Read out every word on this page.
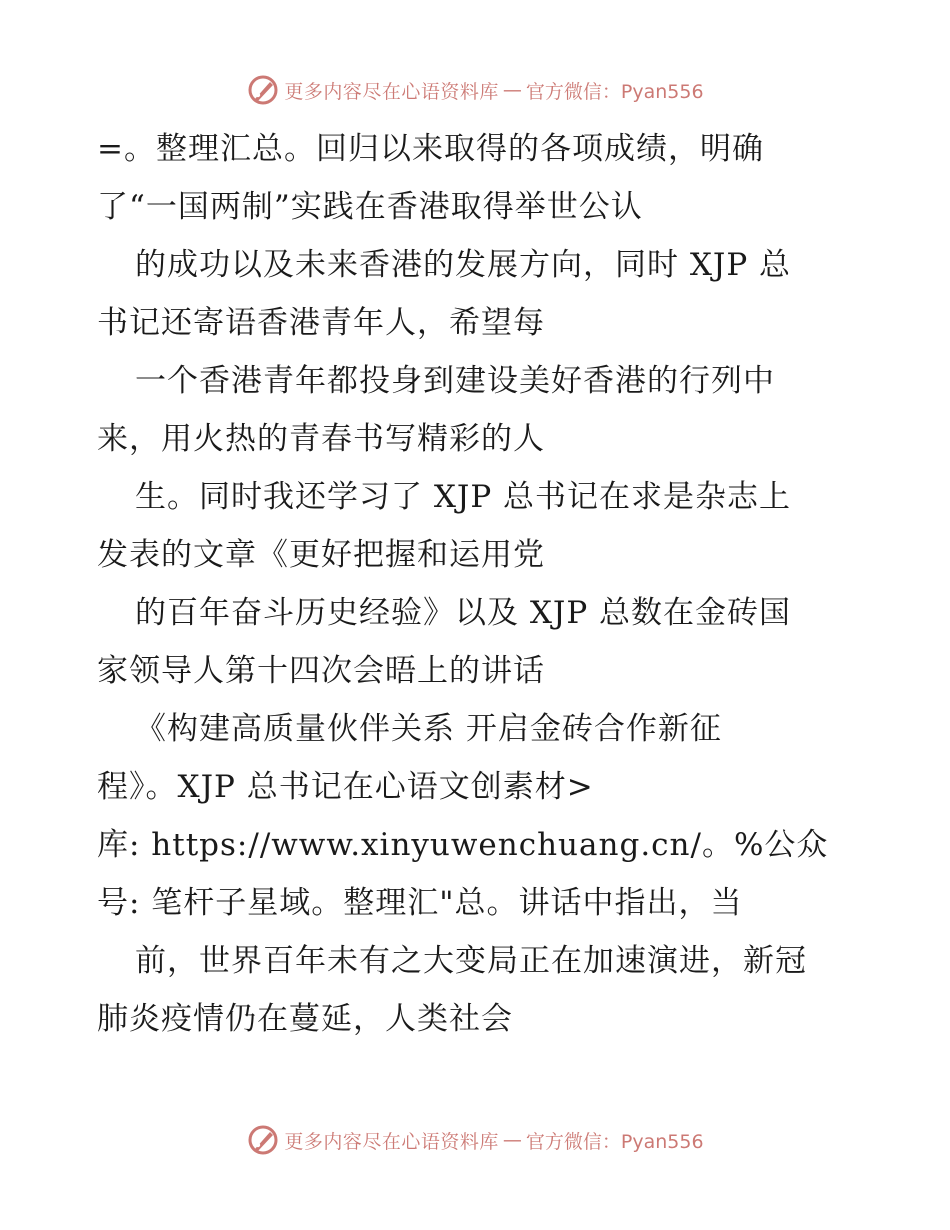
更多内容尽在心语资料库 — 官方微信：Pyan556
=。整理汇总。回归以来取得的各项成绩，明确
了“一国两制”实践在香港取得举世公认
的成功以及未来香港的发展方向，同时 XJP 总
书记还寄语香港青年人，希望每
一个香港青年都投身到建设美好香港的行列中
来，用火热的青春书写精彩的人
生。同时我还学习了 XJP 总书记在求是杂志上
发表的文章《更好把握和运用党
的百年奋斗历史经验》以及 XJP 总数在金砖国
家领导人第十四次会晤上的讲话
《构建高质量伙伴关系 开启金砖合作新征
程》。XJP 总书记在心语文创素材>
库: https://www.xinyuwenchuang.cn/。%公众
号: 笔杆子星域。整理汇"总。讲话中指出，当
前，世界百年未有之大变局正在加速演进，新冠
肺炎疫情仍在蔓延，人类社会
更多内容尽在心语资料库 — 官方微信：Pyan556
